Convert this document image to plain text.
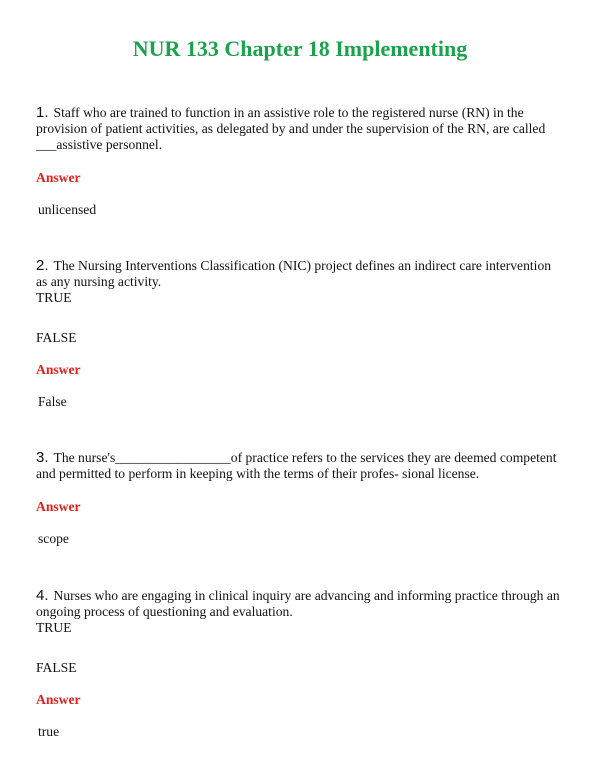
NUR 133 Chapter 18 Implementing

1. Staff who are trained to function in an assistive role to the registered nurse (RN) in the provision of patient activities, as delegated by and under the supervision of the RN, are called ___assistive personnel.

Answer

unlicensed

2. The Nursing Interventions Classification (NIC) project defines an indirect care intervention as any nursing activity.

TRUE

FALSE

Answer

False

3. The nurse's_________________of practice refers to the services they are deemed competent and permitted to perform in keeping with the terms of their profes- sional license.

Answer

scope

4. Nurses who are engaging in clinical inquiry are advancing and informing practice through an ongoing process of questioning and evaluation.

TRUE

FALSE

Answer

true
